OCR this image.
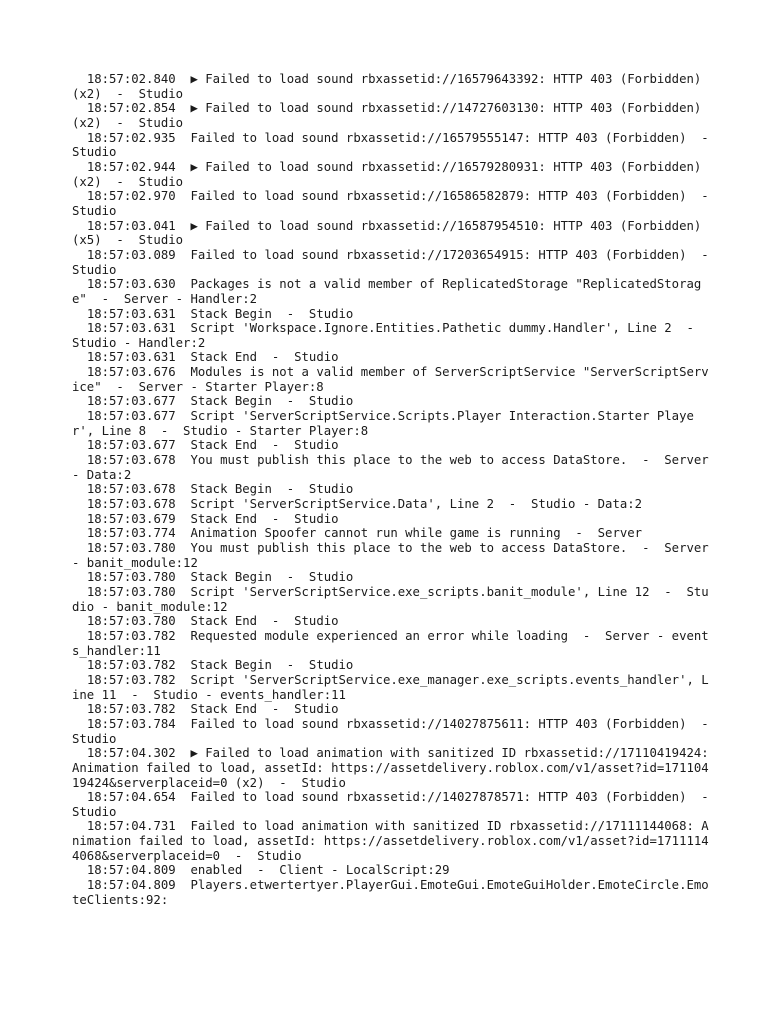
18:57:02.840  ▶ Failed to load sound rbxassetid://16579643392: HTTP 403 (Forbidden) (x2)  -  Studio
18:57:02.854  ▶ Failed to load sound rbxassetid://14727603130: HTTP 403 (Forbidden) (x2)  -  Studio
18:57:02.935  Failed to load sound rbxassetid://16579555147: HTTP 403 (Forbidden)  -  Studio
18:57:02.944  ▶ Failed to load sound rbxassetid://16579280931: HTTP 403 (Forbidden) (x2)  -  Studio
18:57:02.970  Failed to load sound rbxassetid://16586582879: HTTP 403 (Forbidden)  -  Studio
18:57:03.041  ▶ Failed to load sound rbxassetid://16587954510: HTTP 403 (Forbidden) (x5)  -  Studio
18:57:03.089  Failed to load sound rbxassetid://17203654915: HTTP 403 (Forbidden)  -  Studio
18:57:03.630  Packages is not a valid member of ReplicatedStorage "ReplicatedStorage"  -  Server - Handler:2
18:57:03.631  Stack Begin  -  Studio
18:57:03.631  Script 'Workspace.Ignore.Entities.Pathetic dummy.Handler', Line 2  -  Studio - Handler:2
18:57:03.631  Stack End  -  Studio
18:57:03.676  Modules is not a valid member of ServerScriptService "ServerScriptService"  -  Server - Starter Player:8
18:57:03.677  Stack Begin  -  Studio
18:57:03.677  Script 'ServerScriptService.Scripts.Player Interaction.Starter Player', Line 8  -  Studio - Starter Player:8
18:57:03.677  Stack End  -  Studio
18:57:03.678  You must publish this place to the web to access DataStore.  -  Server - Data:2
18:57:03.678  Stack Begin  -  Studio
18:57:03.678  Script 'ServerScriptService.Data', Line 2  -  Studio - Data:2
18:57:03.679  Stack End  -  Studio
18:57:03.774  Animation Spoofer cannot run while game is running  -  Server
18:57:03.780  You must publish this place to the web to access DataStore.  -  Server - banit_module:12
18:57:03.780  Stack Begin  -  Studio
18:57:03.780  Script 'ServerScriptService.exe_scripts.banit_module', Line 12  -  Studio - banit_module:12
18:57:03.780  Stack End  -  Studio
18:57:03.782  Requested module experienced an error while loading  -  Server - events_handler:11
18:57:03.782  Stack Begin  -  Studio
18:57:03.782  Script 'ServerScriptService.exe_manager.exe_scripts.events_handler', Line 11  -  Studio - events_handler:11
18:57:03.782  Stack End  -  Studio
18:57:03.784  Failed to load sound rbxassetid://14027875611: HTTP 403 (Forbidden)  -  Studio
18:57:04.302  ▶ Failed to load animation with sanitized ID rbxassetid://17110419424: Animation failed to load, assetId: https://assetdelivery.roblox.com/v1/asset?id=17110419424&serverplaceid=0 (x2)  -  Studio
18:57:04.654  Failed to load sound rbxassetid://14027878571: HTTP 403 (Forbidden)  -  Studio
18:57:04.731  Failed to load animation with sanitized ID rbxassetid://17111144068: Animation failed to load, assetId: https://assetdelivery.roblox.com/v1/asset?id=17111144068&serverplaceid=0  -  Studio
18:57:04.809  enabled  -  Client - LocalScript:29
18:57:04.809  Players.etwertertyer.PlayerGui.EmoteGui.EmoteGuiHolder.EmoteCircle.EmoteClients:92:
